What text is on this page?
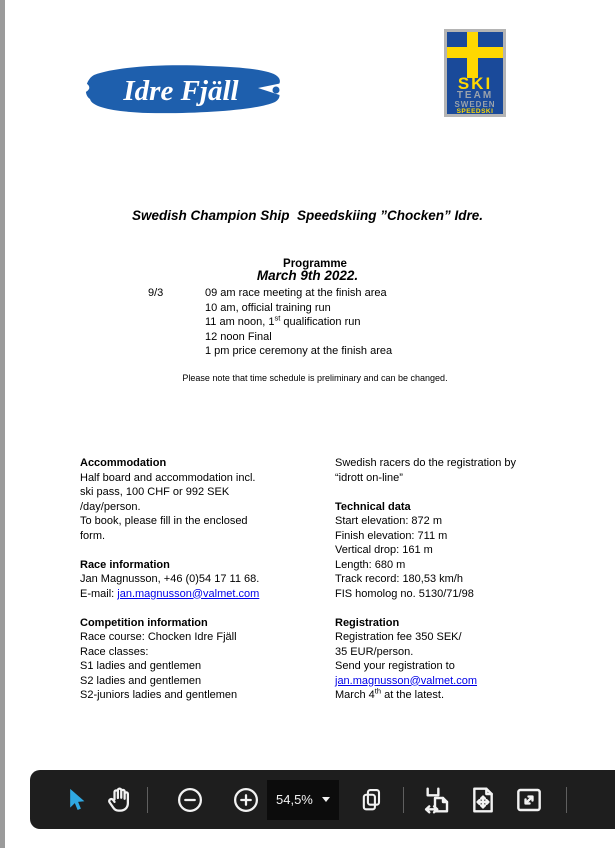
Idre Fjäll	SKI
TEAM
SWEDEN
SPEEDSKI

Swedish Champion Ship  Speedskiing ”Chocken” Idre.

March 9th 2022.

Programme
9/3	09 am race meeting at the finish area
10 am, official training run
11 am noon, 1st qualification run
12 noon Final
1 pm price ceremony at the finish area
Please note that time schedule is preliminary and can be changed.
Accommodation
Half board and accommodation incl.
ski pass, 100 CHF or 992 SEK
/day/person.
To book, please fill in the enclosed
form.
Race information
Jan Magnusson, +46 (0)54 17 11 68.
E-mail: jan.magnusson@valmet.com
Competition information
Race course: Chocken Idre Fjäll
Race classes:
S1 ladies and gentlemen
S2 ladies and gentlemen
S2-juniors ladies and gentlemen
Swedish racers do the registration by
“idrott on-line”
Technical data
Start elevation: 872 m
Finish elevation: 711 m
Vertical drop: 161 m
Length: 680 m
Track record: 180,53 km/h
FIS homolog no. 5130/71/98
Registration
Registration fee 350 SEK/
35 EUR/person.
Send your registration to
jan.magnusson@valmet.com
March 4th at the latest.
54,5%
